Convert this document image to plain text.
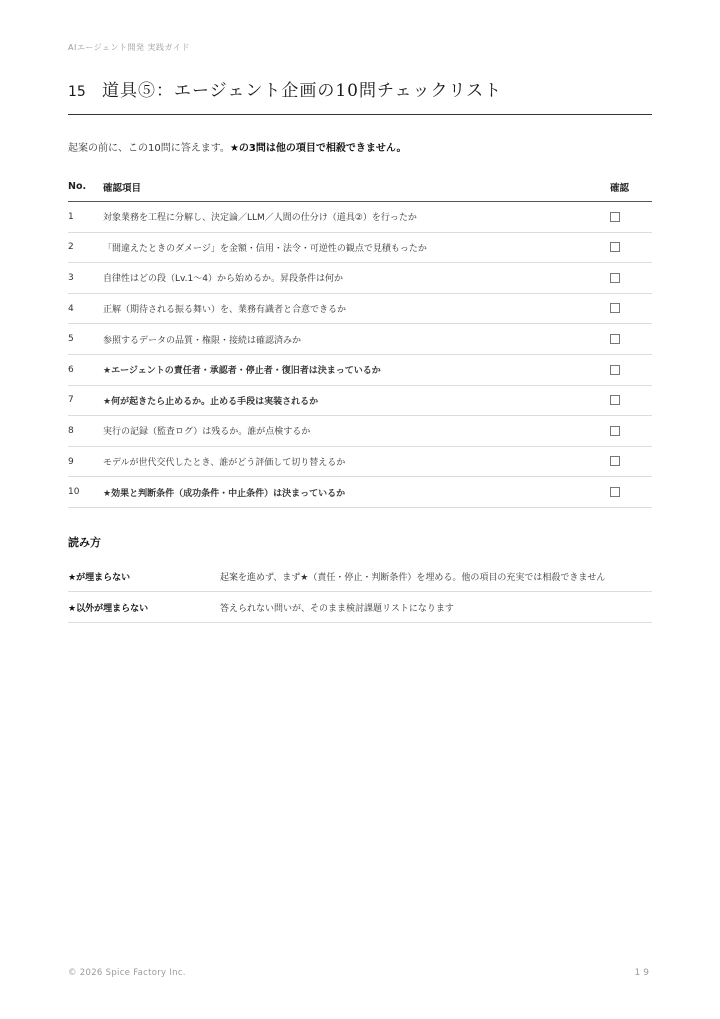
AIエージェント開発 実践ガイド
15 道具⑤：エージェント企画の10問チェックリスト
起案の前に、この10問に答えます。★の3問は他の項目で相殺できません。
No.	確認項目	確認
1	対象業務を工程に分解し、決定論／LLM／人間の仕分け（道具②）を行ったか	
2	「間違えたときのダメージ」を金額・信用・法令・可逆性の観点で見積もったか	
3	自律性はどの段（Lv.1〜4）から始めるか。昇段条件は何か	
4	正解（期待される振る舞い）を、業務有識者と合意できるか	
5	参照するデータの品質・権限・接続は確認済みか	
6	★エージェントの責任者・承認者・停止者・復旧者は決まっているか	
7	★何が起きたら止めるか。止める手段は実装されるか	
8	実行の記録（監査ログ）は残るか。誰が点検するか	
9	モデルが世代交代したとき、誰がどう評価して切り替えるか	
10	★効果と判断条件（成功条件・中止条件）は決まっているか	
読み方
★が埋まらない	起案を進めず、まず★（責任・停止・判断条件）を埋める。他の項目の充実では相殺できません
★以外が埋まらない	答えられない問いが、そのまま検討課題リストになります
© 2026 Spice Factory Inc.	19
